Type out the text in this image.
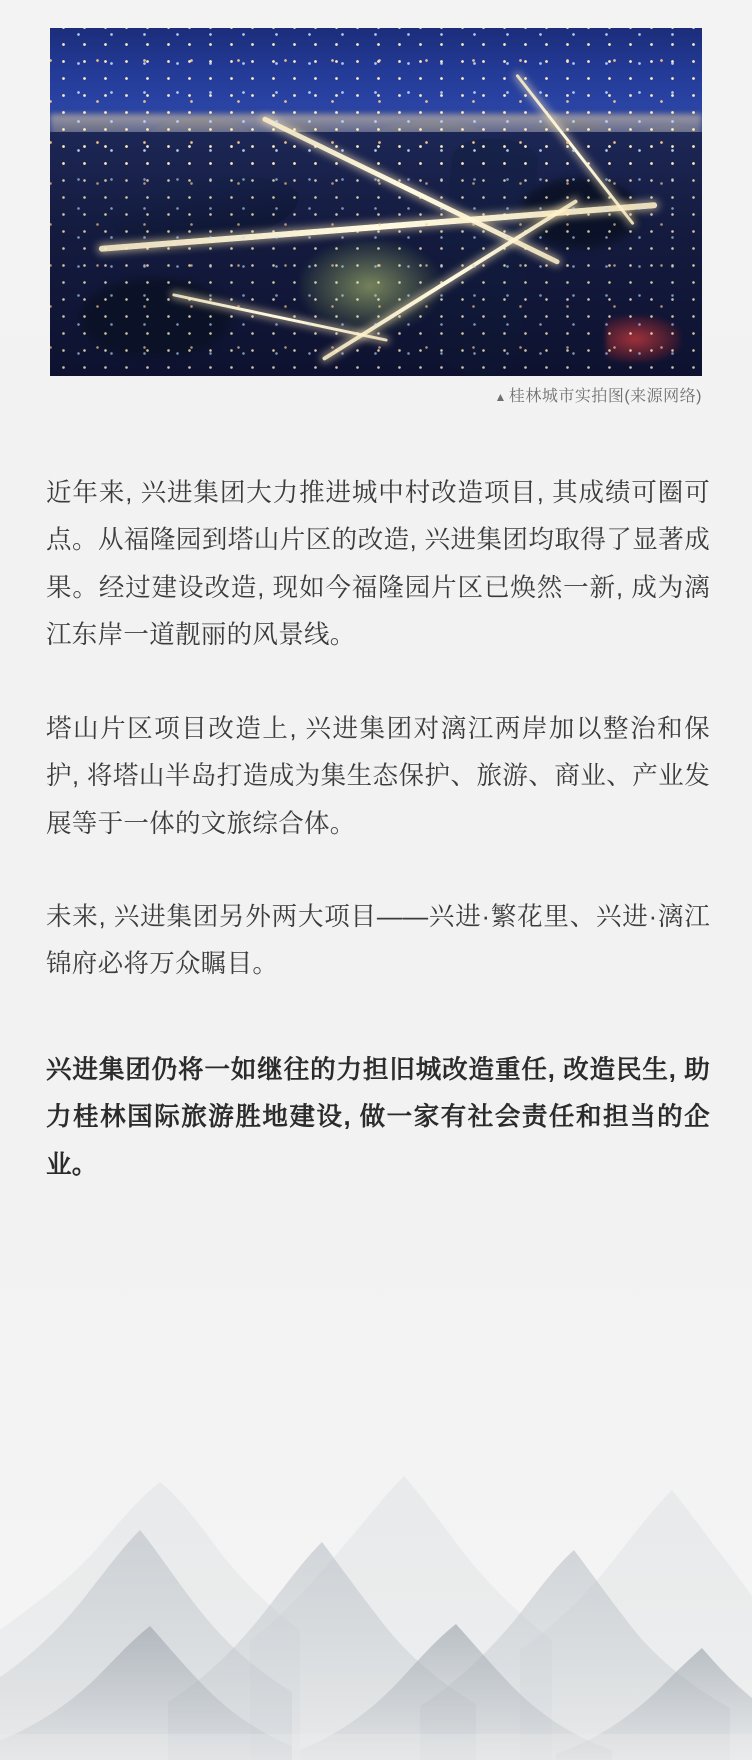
▲ 桂林城市实拍图(来源网络)

近年来, 兴进集团大力推进城中村改造项目, 其成绩可圈可点。从福隆园到塔山片区的改造, 兴进集团均取得了显著成果。经过建设改造, 现如今福隆园片区已焕然一新, 成为漓江东岸一道靓丽的风景线。

塔山片区项目改造上, 兴进集团对漓江两岸加以整治和保护, 将塔山半岛打造成为集生态保护、旅游、商业、产业发展等于一体的文旅综合体。

未来, 兴进集团另外两大项目——兴进·繁花里、兴进·漓江锦府必将万众瞩目。

兴进集团仍将一如继往的力担旧城改造重任, 改造民生, 助力桂林国际旅游胜地建设, 做一家有社会责任和担当的企业。
